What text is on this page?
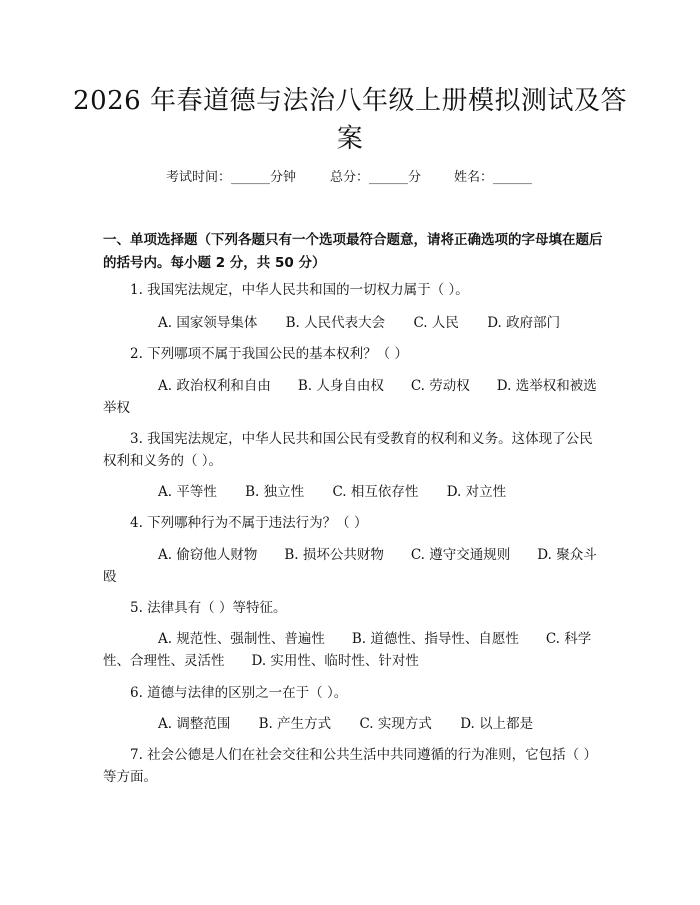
2026 年春道德与法治八年级上册模拟测试及答案
考试时间：______分钟	总分：______分	姓名：______
一、单项选择题（下列各题只有一个选项最符合题意，请将正确选项的字母填在题后的括号内。每小题 2 分，共 50 分）
1. 我国宪法规定，中华人民共和国的一切权力属于（ ）。
A. 国家领导集体 B. 人民代表大会 C. 人民 D. 政府部门
2. 下列哪项不属于我国公民的基本权利？（ ）
A. 政治权利和自由　　B. 人身自由权　　C. 劳动权　　D. 选举权和被选举权
3. 我国宪法规定，中华人民共和国公民有受教育的权利和义务。这体现了公民权利和义务的（ ）。
A. 平等性 B. 独立性 C. 相互依存性 D. 对立性
4. 下列哪种行为不属于违法行为？（ ）
A. 偷窃他人财物　　B. 损坏公共财物　　C. 遵守交通规则　　D. 聚众斗殴
5. 法律具有（ ）等特征。
A. 规范性、强制性、普遍性　　B. 道德性、指导性、自愿性　　C. 科学性、合理性、灵活性　　D. 实用性、临时性、针对性
6. 道德与法律的区别之一在于（ ）。
A. 调整范围 B. 产生方式 C. 实现方式 D. 以上都是
7. 社会公德是人们在社会交往和公共生活中共同遵循的行为准则，它包括（ ）等方面。
